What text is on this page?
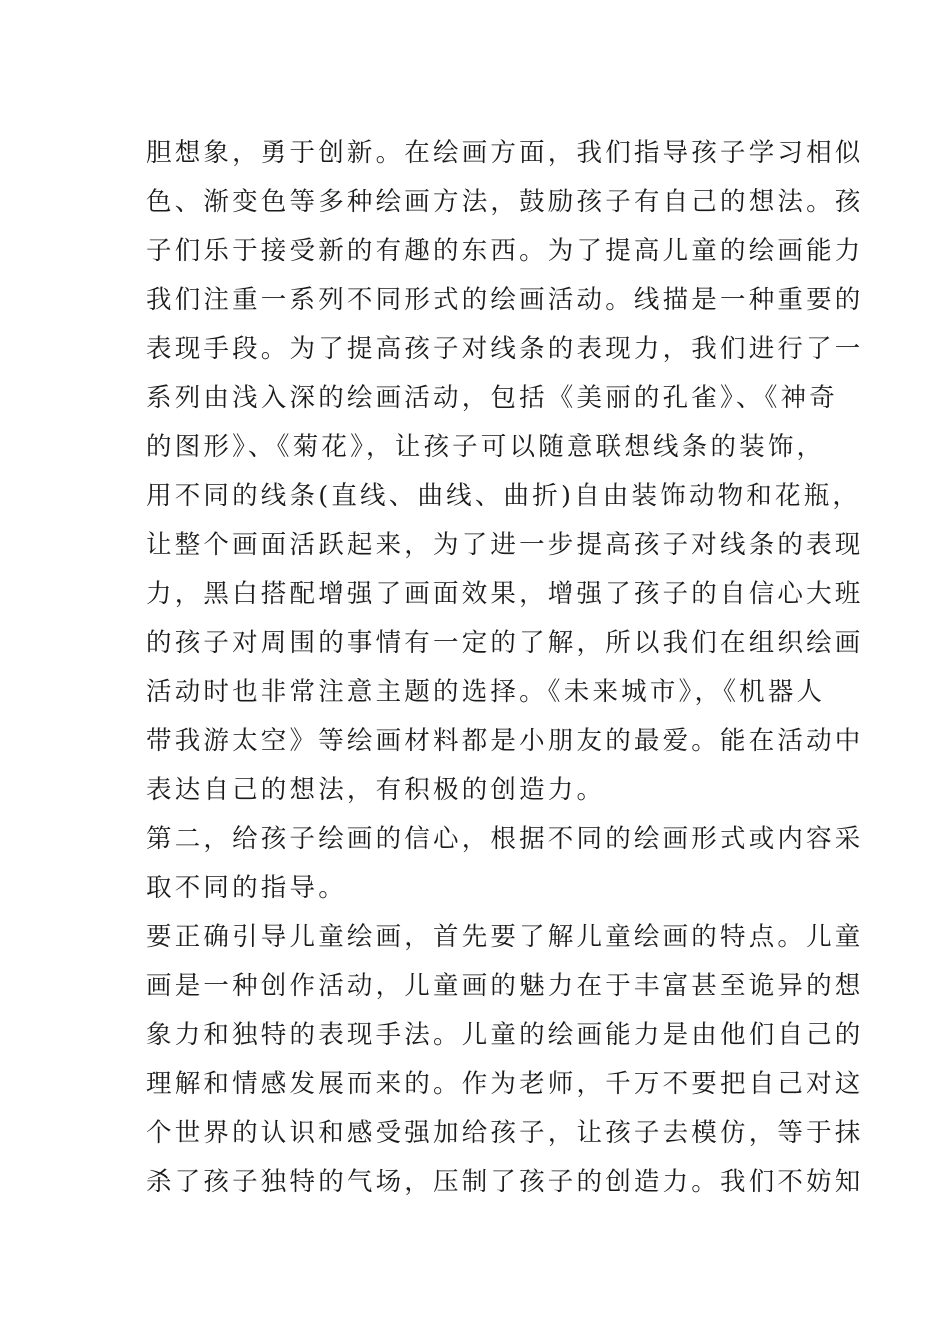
胆想象，勇于创新。在绘画方面，我们指导孩子学习相似
色、渐变色等多种绘画方法，鼓励孩子有自己的想法。孩
子们乐于接受新的有趣的东西。为了提高儿童的绘画能力
我们注重一系列不同形式的绘画活动。线描是一种重要的
表现手段。为了提高孩子对线条的表现力，我们进行了一
系列由浅入深的绘画活动，包括《美丽的孔雀》、《神奇
的图形》、《菊花》，让孩子可以随意联想线条的装饰，
用不同的线条(直线、曲线、曲折)自由装饰动物和花瓶，
让整个画面活跃起来，为了进一步提高孩子对线条的表现
力，黑白搭配增强了画面效果，增强了孩子的自信心大班
的孩子对周围的事情有一定的了解，所以我们在组织绘画
活动时也非常注意主题的选择。《未来城市》，《机器人
带我游太空》等绘画材料都是小朋友的最爱。能在活动中
表达自己的想法，有积极的创造力。
第二，给孩子绘画的信心，根据不同的绘画形式或内容采
取不同的指导。
要正确引导儿童绘画，首先要了解儿童绘画的特点。儿童
画是一种创作活动，儿童画的魅力在于丰富甚至诡异的想
象力和独特的表现手法。儿童的绘画能力是由他们自己的
理解和情感发展而来的。作为老师，千万不要把自己对这
个世界的认识和感受强加给孩子，让孩子去模仿，等于抹
杀了孩子独特的气场，压制了孩子的创造力。我们不妨知
